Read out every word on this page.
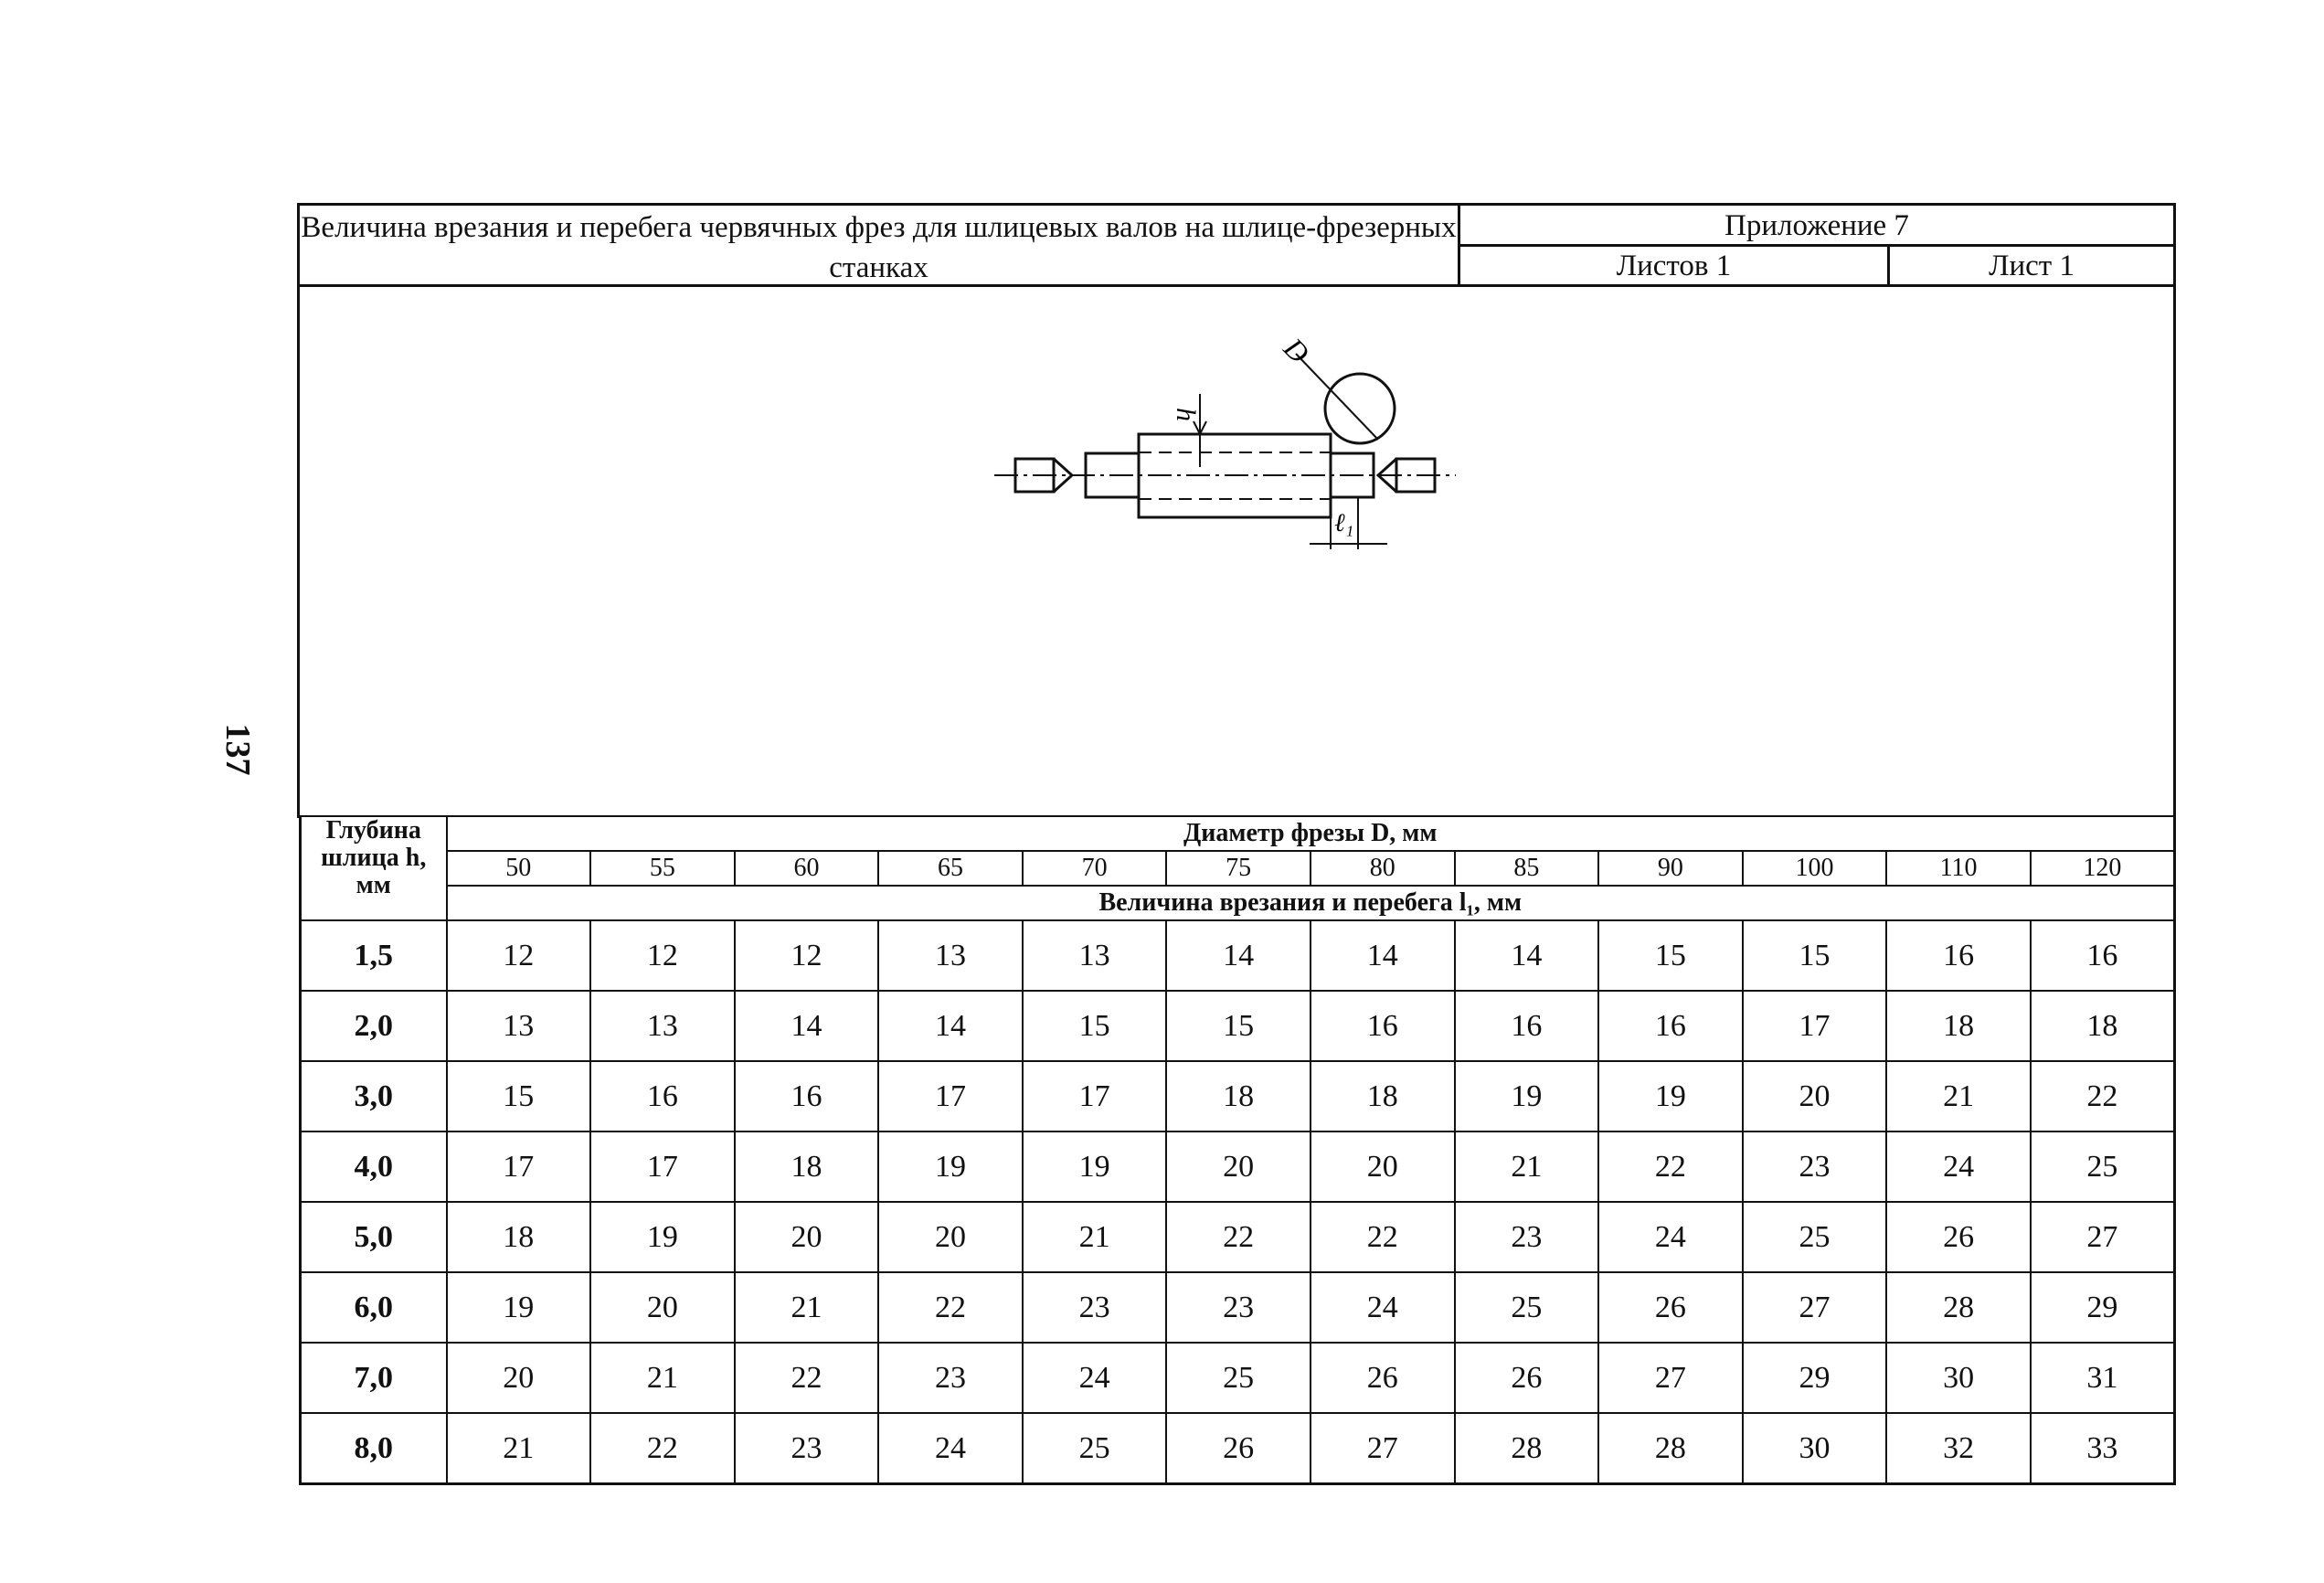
137
Величина врезания и перебега червячных фрез для шлицевых валов на шлице-фрезерных станках
Приложение 7
Листов 1	Лист 1
h
D
ℓ₁
Глубина шлица h, мм	Диаметр фрезы D, мм											
	50	55	60	65	70	75	80	85	90	100	110	120
	Величина врезания и перебега l₁, мм											
1,5	12	12	12	13	13	14	14	14	15	15	16	16
2,0	13	13	14	14	15	15	16	16	16	17	18	18
3,0	15	16	16	17	17	18	18	19	19	20	21	22
4,0	17	17	18	19	19	20	20	21	22	23	24	25
5,0	18	19	20	20	21	22	22	23	24	25	26	27
6,0	19	20	21	22	23	23	24	25	26	27	28	29
7,0	20	21	22	23	24	25	26	26	27	29	30	31
8,0	21	22	23	24	25	26	27	28	28	30	32	33
